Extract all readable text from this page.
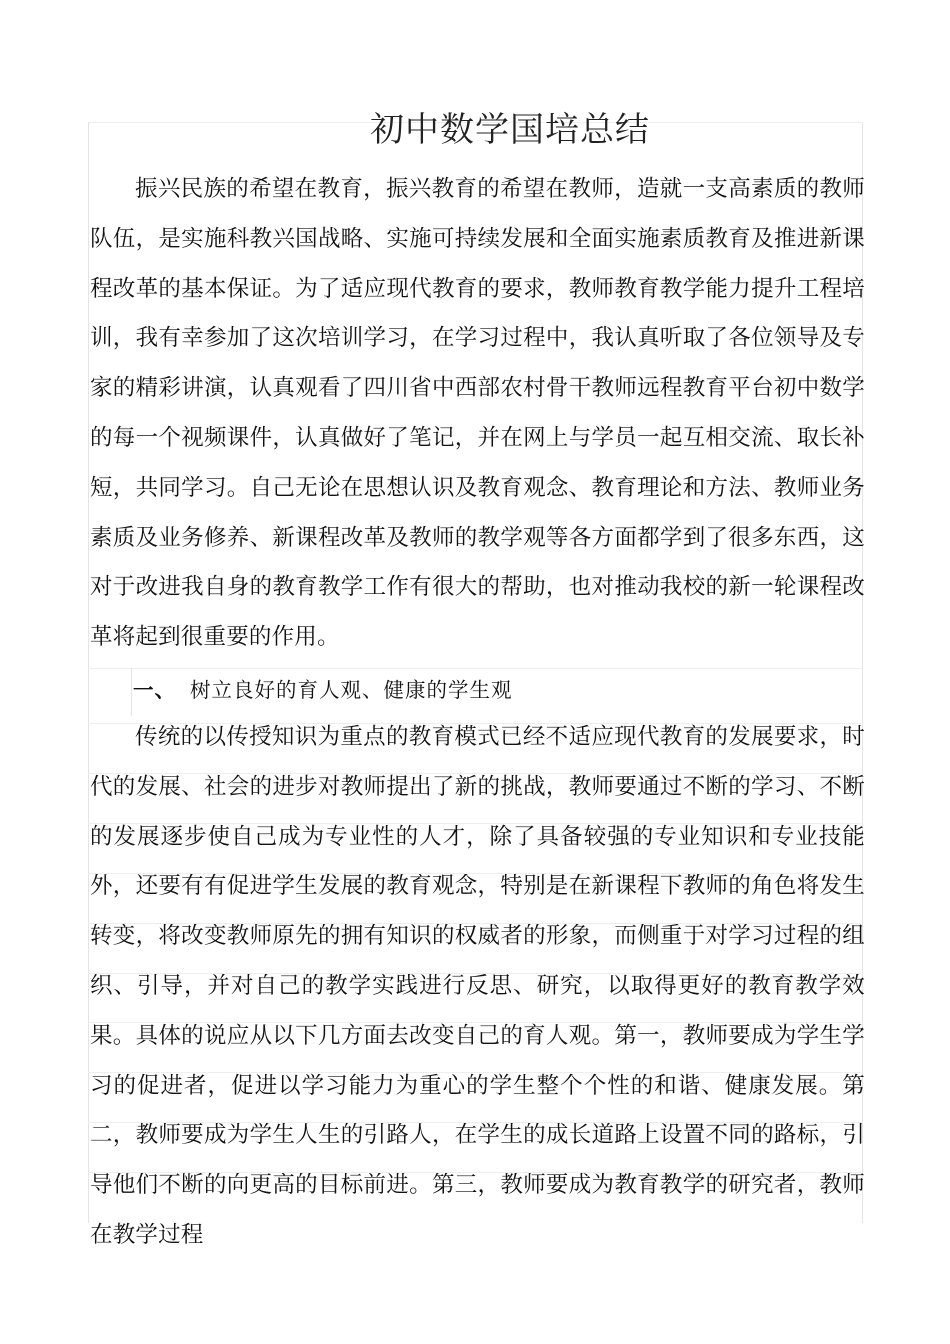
初中数学国培总结

振兴民族的希望在教育，振兴教育的希望在教师，造就一支高素质的教师队伍，是实施科教兴国战略、实施可持续发展和全面实施素质教育及推进新课程改革的基本保证。为了适应现代教育的要求，教师教育教学能力提升工程培训，我有幸参加了这次培训学习，在学习过程中，我认真听取了各位领导及专家的精彩讲演，认真观看了四川省中西部农村骨干教师远程教育平台初中数学的每一个视频课件，认真做好了笔记，并在网上与学员一起互相交流、取长补短，共同学习。自己无论在思想认识及教育观念、教育理论和方法、教师业务素质及业务修养、新课程改革及教师的教学观等各方面都学到了很多东西，这对于改进我自身的教育教学工作有很大的帮助，也对推动我校的新一轮课程改革将起到很重要的作用。

一、 树立良好的育人观、健康的学生观

传统的以传授知识为重点的教育模式已经不适应现代教育的发展要求，时代的发展、社会的进步对教师提出了新的挑战，教师要通过不断的学习、不断的发展逐步使自己成为专业性的人才，除了具备较强的专业知识和专业技能外，还要有有促进学生发展的教育观念，特别是在新课程下教师的角色将发生转变，将改变教师原先的拥有知识的权威者的形象，而侧重于对学习过程的组织、引导，并对自己的教学实践进行反思、研究，以取得更好的教育教学效果。具体的说应从以下几方面去改变自己的育人观。第一，教师要成为学生学习的促进者，促进以学习能力为重心的学生整个个性的和谐、健康发展。第二，教师要成为学生人生的引路人，在学生的成长道路上设置不同的路标，引导他们不断的向更高的目标前进。第三，教师要成为教育教学的研究者，教师在教学过程
